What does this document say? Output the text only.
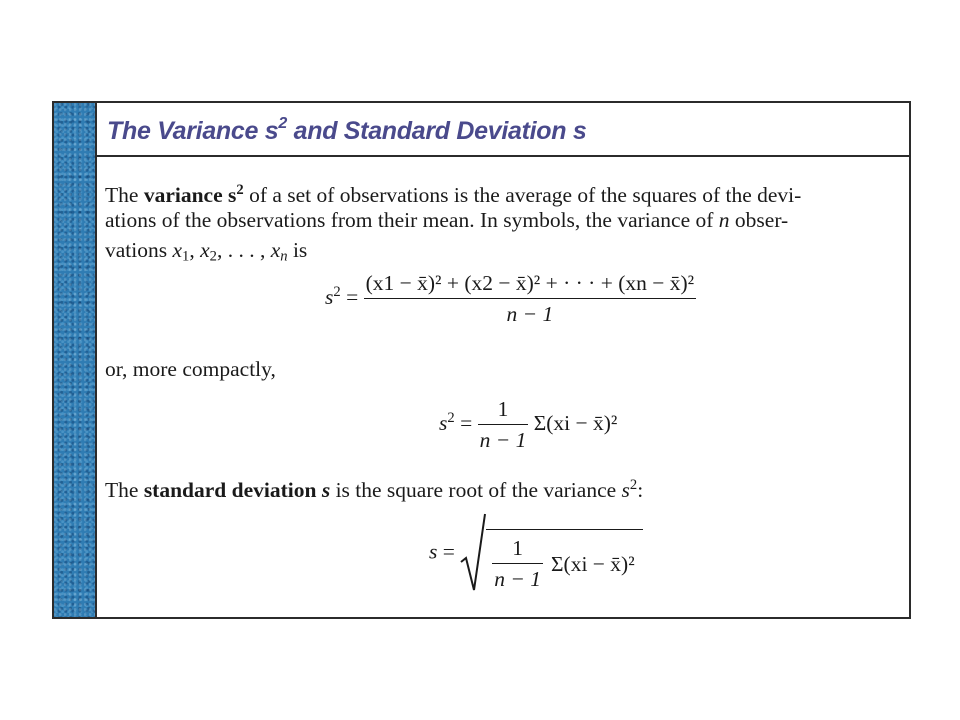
The Variance $s^2$ and Standard Deviation s

The variance $s^2$ of a set of observations is the average of the squares of the devi-

ations of the observations from their mean. In symbols, the variance of n obser-

vations $x_1$, $x_2$, . . . , $x_n$ is

$s^2 = \frac{\text{(x1 − x̄)² + (x2 − x̄)² + · · · + (xn − x̄)²}}{n - 1}$

or, more compactly,

$s^2 = \frac{1}{n - 1} \Sigma(xi$ − x̄)²

The standard deviation s is the square root of the variance $s^2$:

$s = \frac{1}{n - 1} \Sigma(xi$ − x̄)²
